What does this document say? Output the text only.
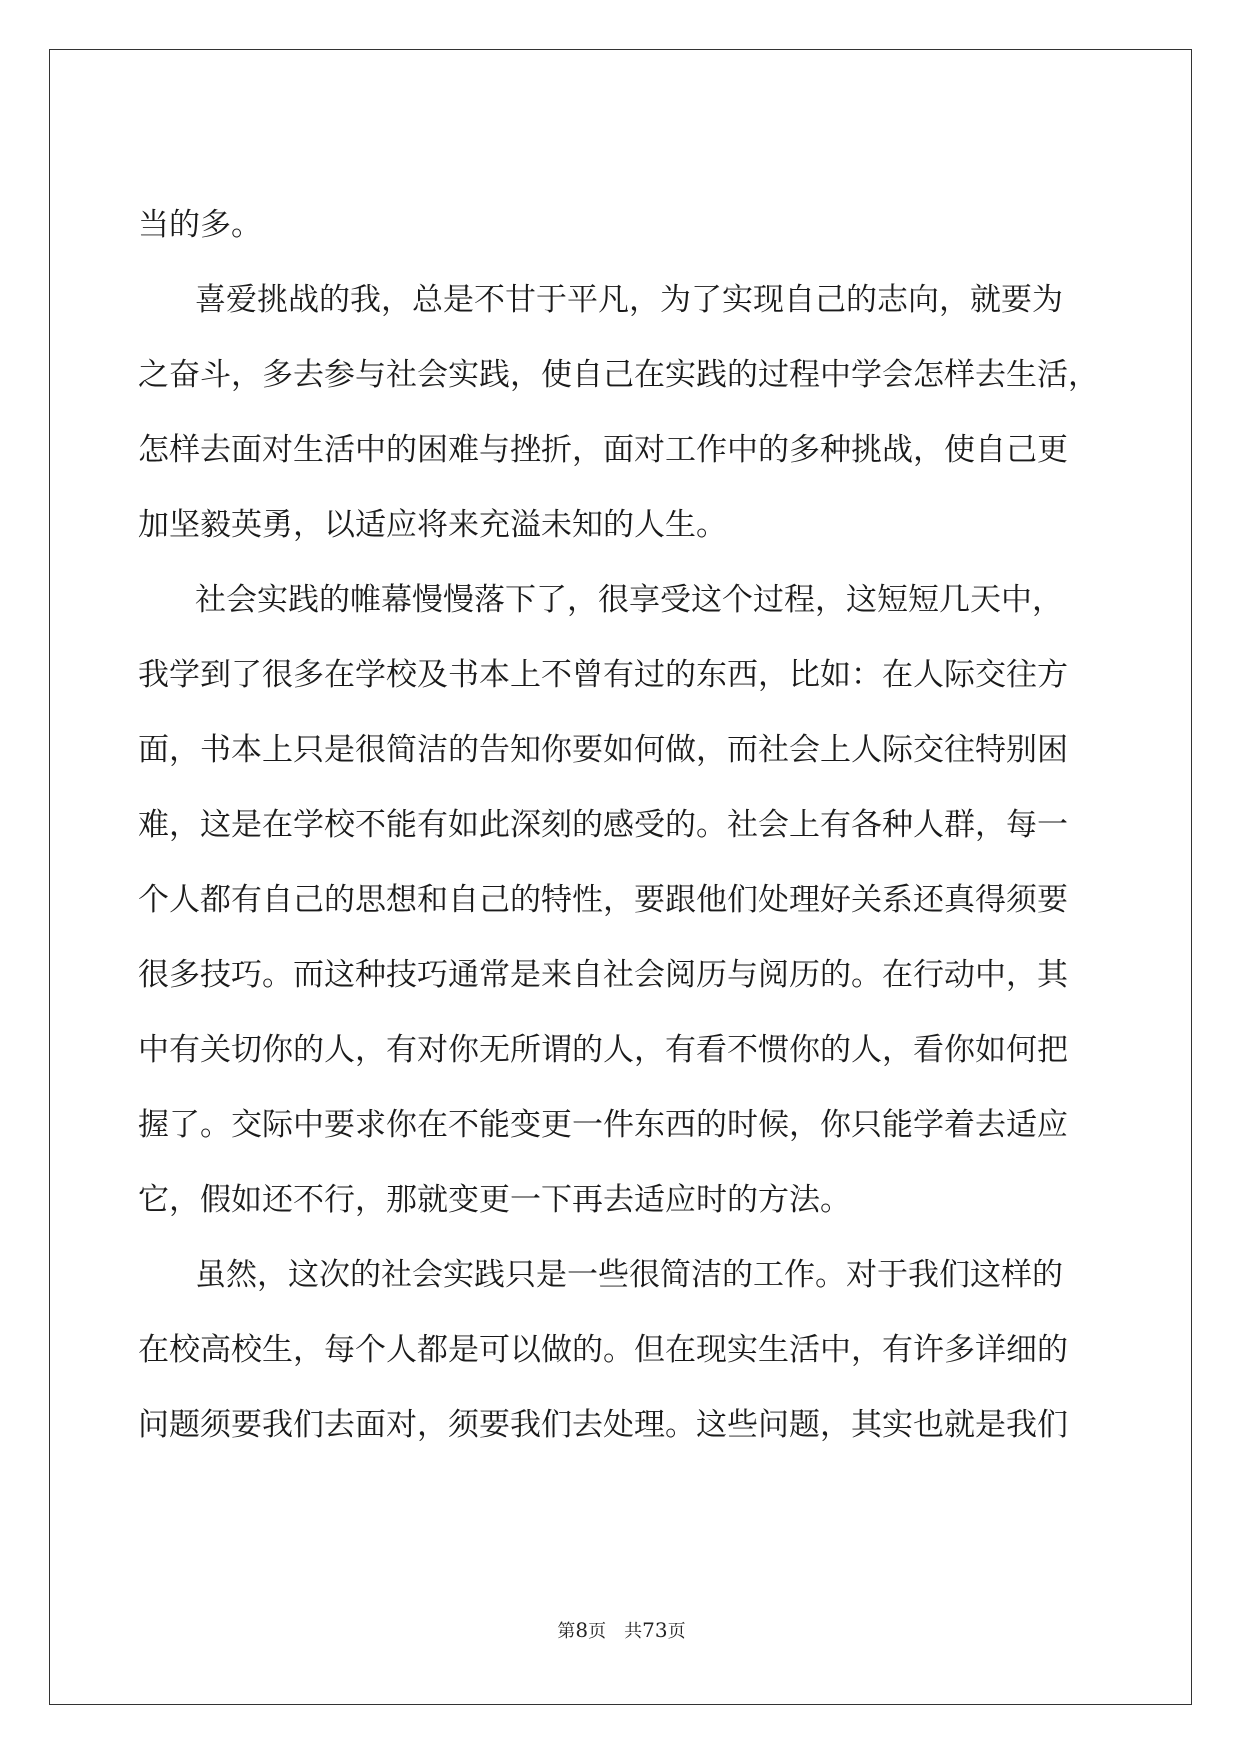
当的多。
喜爱挑战的我，总是不甘于平凡，为了实现自己的志向，就要为
之奋斗，多去参与社会实践，使自己在实践的过程中学会怎样去生活，
怎样去面对生活中的困难与挫折，面对工作中的多种挑战，使自己更
加坚毅英勇，以适应将来充溢未知的人生。
社会实践的帷幕慢慢落下了，很享受这个过程，这短短几天中，
我学到了很多在学校及书本上不曾有过的东西，比如：在人际交往方
面，书本上只是很简洁的告知你要如何做，而社会上人际交往特别困
难，这是在学校不能有如此深刻的感受的。社会上有各种人群，每一
个人都有自己的思想和自己的特性，要跟他们处理好关系还真得须要
很多技巧。而这种技巧通常是来自社会阅历与阅历的。在行动中，其
中有关切你的人，有对你无所谓的人，有看不惯你的人，看你如何把
握了。交际中要求你在不能变更一件东西的时候，你只能学着去适应
它，假如还不行，那就变更一下再去适应时的方法。
虽然，这次的社会实践只是一些很简洁的工作。对于我们这样的
在校高校生，每个人都是可以做的。但在现实生活中，有许多详细的
问题须要我们去面对，须要我们去处理。这些问题，其实也就是我们
第8页 共73页
